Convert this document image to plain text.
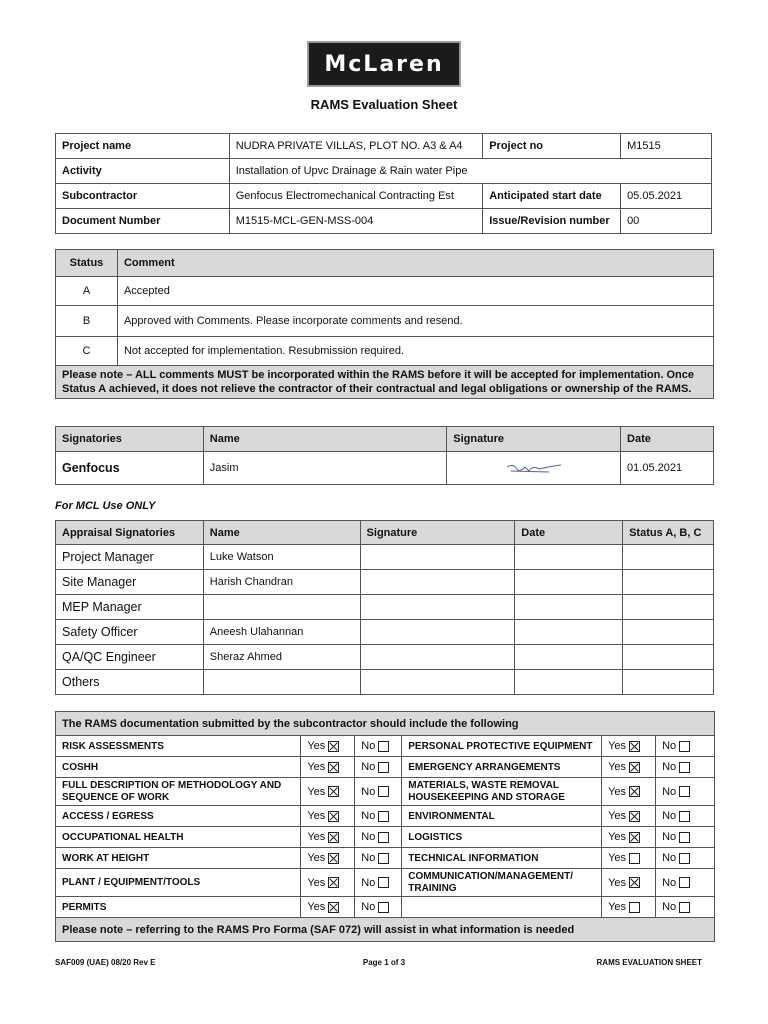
McLaren
RAMS Evaluation Sheet
Project name	NUDRA PRIVATE VILLAS, PLOT NO. A3 & A4	Project no	M1515
Activity	Installation of Upvc Drainage & Rain water Pipe		
Subcontractor	Genfocus Electromechanical Contracting Est	Anticipated start date	05.05.2021
Document Number	M1515-MCL-GEN-MSS-004	Issue/Revision number	00
Status	Comment
A	Accepted
B	Approved with Comments. Please incorporate comments and resend.
C	Not accepted for implementation. Resubmission required.
Please note – ALL comments MUST be incorporated within the RAMS before it will be accepted for implementation. Once Status A achieved, it does not relieve the contractor of their contractual and legal obligations or ownership of the RAMS.	
Signatories	Name	Signature	Date
Genfocus	Jasim		01.05.2021
For MCL Use ONLY
Appraisal Signatories	Name	Signature	Date	Status A, B, C
Project Manager	Luke Watson			
Site Manager	Harish Chandran			
MEP Manager				
Safety Officer	Aneesh Ulahannan			
QA/QC Engineer	Sheraz Ahmed			
Others				
The RAMS documentation submitted by the subcontractor should include the following					
RISK ASSESSMENTS	Yes	No	PERSONAL PROTECTIVE EQUIPMENT	Yes	No
COSHH	Yes	No	EMERGENCY ARRANGEMENTS	Yes	No
FULL DESCRIPTION OF METHODOLOGY AND SEQUENCE OF WORK	Yes	No	MATERIALS, WASTE REMOVAL HOUSEKEEPING AND STORAGE	Yes	No
ACCESS / EGRESS	Yes	No	ENVIRONMENTAL	Yes	No
OCCUPATIONAL HEALTH	Yes	No	LOGISTICS	Yes	No
WORK AT HEIGHT	Yes	No	TECHNICAL INFORMATION	Yes	No
PLANT / EQUIPMENT/TOOLS	Yes	No	COMMUNICATION/MANAGEMENT/ TRAINING	Yes	No
PERMITS	Yes	No		Yes	No
Please note – referring to the RAMS Pro Forma (SAF 072) will assist in what information is needed					
SAF009 (UAE) 08/20 Rev E	Page 1 of 3	RAMS EVALUATION SHEET
